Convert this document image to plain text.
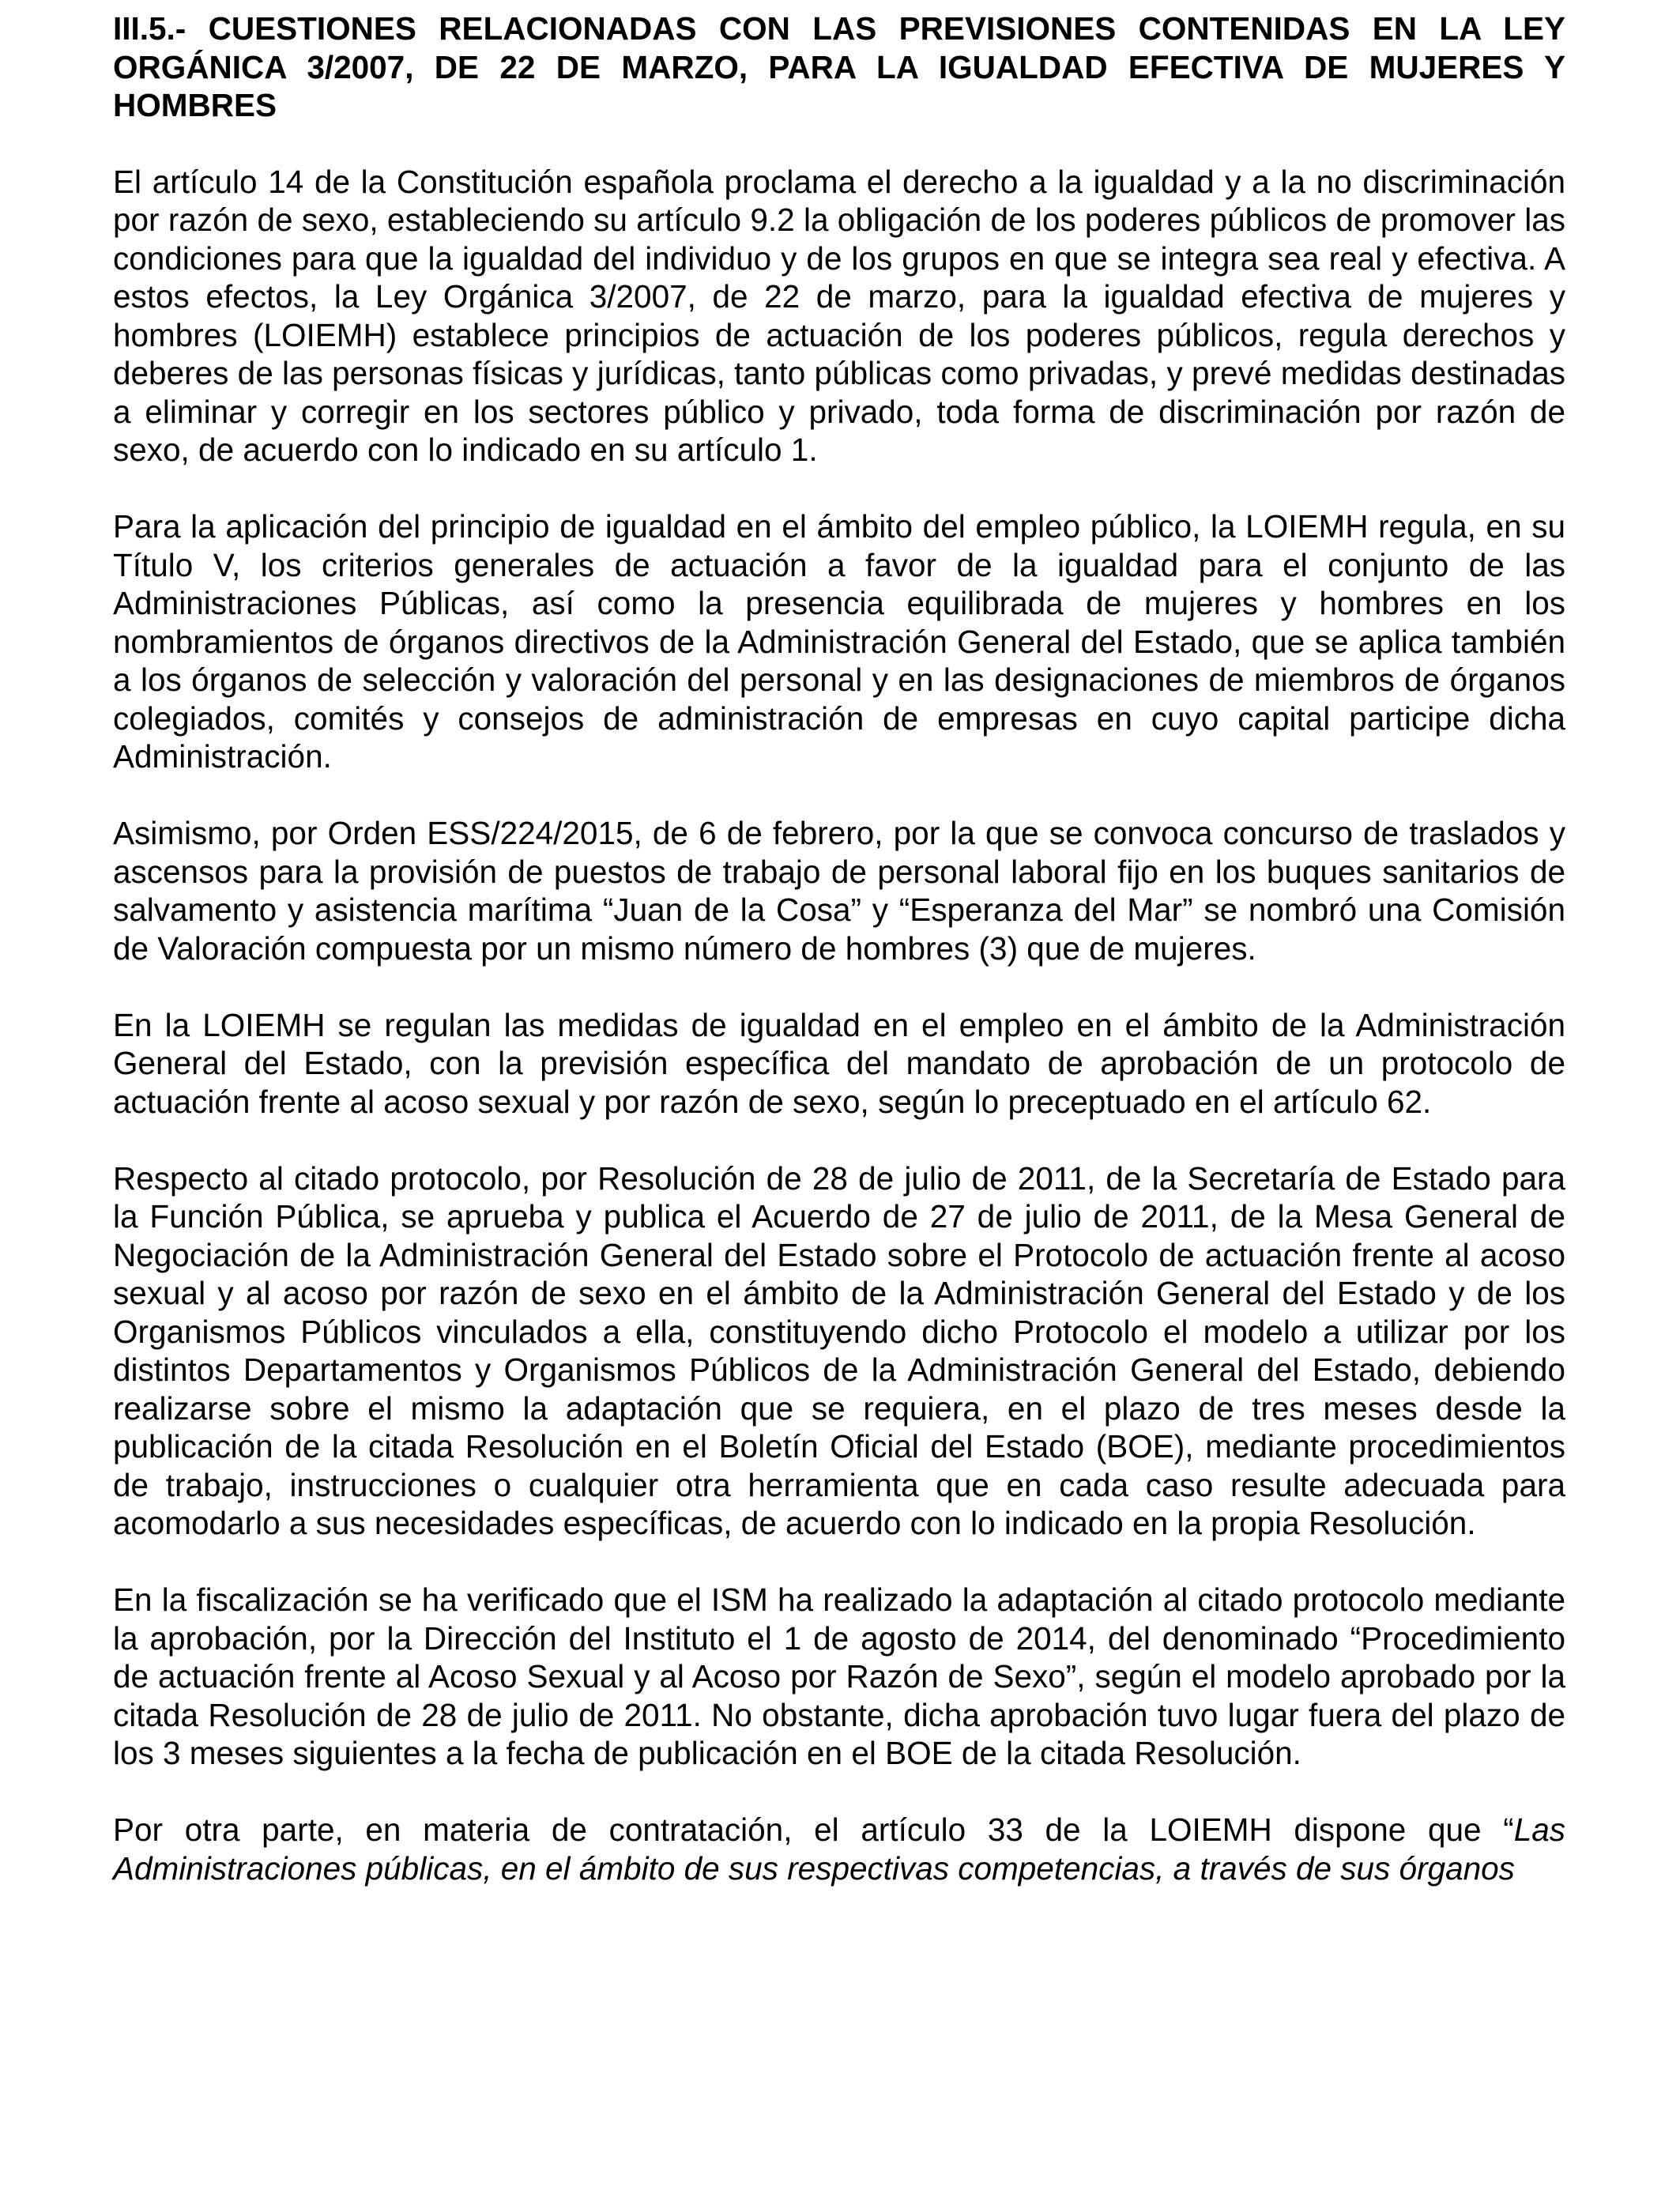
III.5.- CUESTIONES RELACIONADAS CON LAS PREVISIONES CONTENIDAS EN LA LEY ORGÁNICA 3/2007, DE 22 DE MARZO, PARA LA IGUALDAD EFECTIVA DE MUJERES Y HOMBRES

El artículo 14 de la Constitución española proclama el derecho a la igualdad y a la no discriminación por razón de sexo, estableciendo su artículo 9.2 la obligación de los poderes públicos de promover las condiciones para que la igualdad del individuo y de los grupos en que se integra sea real y efectiva. A estos efectos, la Ley Orgánica 3/2007, de 22 de marzo, para la igualdad efectiva de mujeres y hombres (LOIEMH) establece principios de actuación de los poderes públicos, regula derechos y deberes de las personas físicas y jurídicas, tanto públicas como privadas, y prevé medidas destinadas a eliminar y corregir en los sectores público y privado, toda forma de discriminación por razón de sexo, de acuerdo con lo indicado en su artículo 1.

Para la aplicación del principio de igualdad en el ámbito del empleo público, la LOIEMH regula, en su Título V, los criterios generales de actuación a favor de la igualdad para el conjunto de las Administraciones Públicas, así como la presencia equilibrada de mujeres y hombres en los nombramientos de órganos directivos de la Administración General del Estado, que se aplica también a los órganos de selección y valoración del personal y en las designaciones de miembros de órganos colegiados, comités y consejos de administración de empresas en cuyo capital participe dicha Administración.

Asimismo, por Orden ESS/224/2015, de 6 de febrero, por la que se convoca concurso de traslados y ascensos para la provisión de puestos de trabajo de personal laboral fijo en los buques sanitarios de salvamento y asistencia marítima “Juan de la Cosa” y “Esperanza del Mar” se nombró una Comisión de Valoración compuesta por un mismo número de hombres (3) que de mujeres.

En la LOIEMH se regulan las medidas de igualdad en el empleo en el ámbito de la Administración General del Estado, con la previsión específica del mandato de aprobación de un protocolo de actuación frente al acoso sexual y por razón de sexo, según lo preceptuado en el artículo 62.

Respecto al citado protocolo, por Resolución de 28 de julio de 2011, de la Secretaría de Estado para la Función Pública, se aprueba y publica el Acuerdo de 27 de julio de 2011, de la Mesa General de Negociación de la Administración General del Estado sobre el Protocolo de actuación frente al acoso sexual y al acoso por razón de sexo en el ámbito de la Administración General del Estado y de los Organismos Públicos vinculados a ella, constituyendo dicho Protocolo el modelo a utilizar por los distintos Departamentos y Organismos Públicos de la Administración General del Estado, debiendo realizarse sobre el mismo la adaptación que se requiera, en el plazo de tres meses desde la publicación de la citada Resolución en el Boletín Oficial del Estado (BOE), mediante procedimientos de trabajo, instrucciones o cualquier otra herramienta que en cada caso resulte adecuada para acomodarlo a sus necesidades específicas, de acuerdo con lo indicado en la propia Resolución.

En la fiscalización se ha verificado que el ISM ha realizado la adaptación al citado protocolo mediante la aprobación, por la Dirección del Instituto el 1 de agosto de 2014, del denominado “Procedimiento de actuación frente al Acoso Sexual y al Acoso por Razón de Sexo”, según el modelo aprobado por la citada Resolución de 28 de julio de 2011. No obstante, dicha aprobación tuvo lugar fuera del plazo de los 3 meses siguientes a la fecha de publicación en el BOE de la citada Resolución.

Por otra parte, en materia de contratación, el artículo 33 de la LOIEMH dispone que “Las Administraciones públicas, en el ámbito de sus respectivas competencias, a través de sus órganos
